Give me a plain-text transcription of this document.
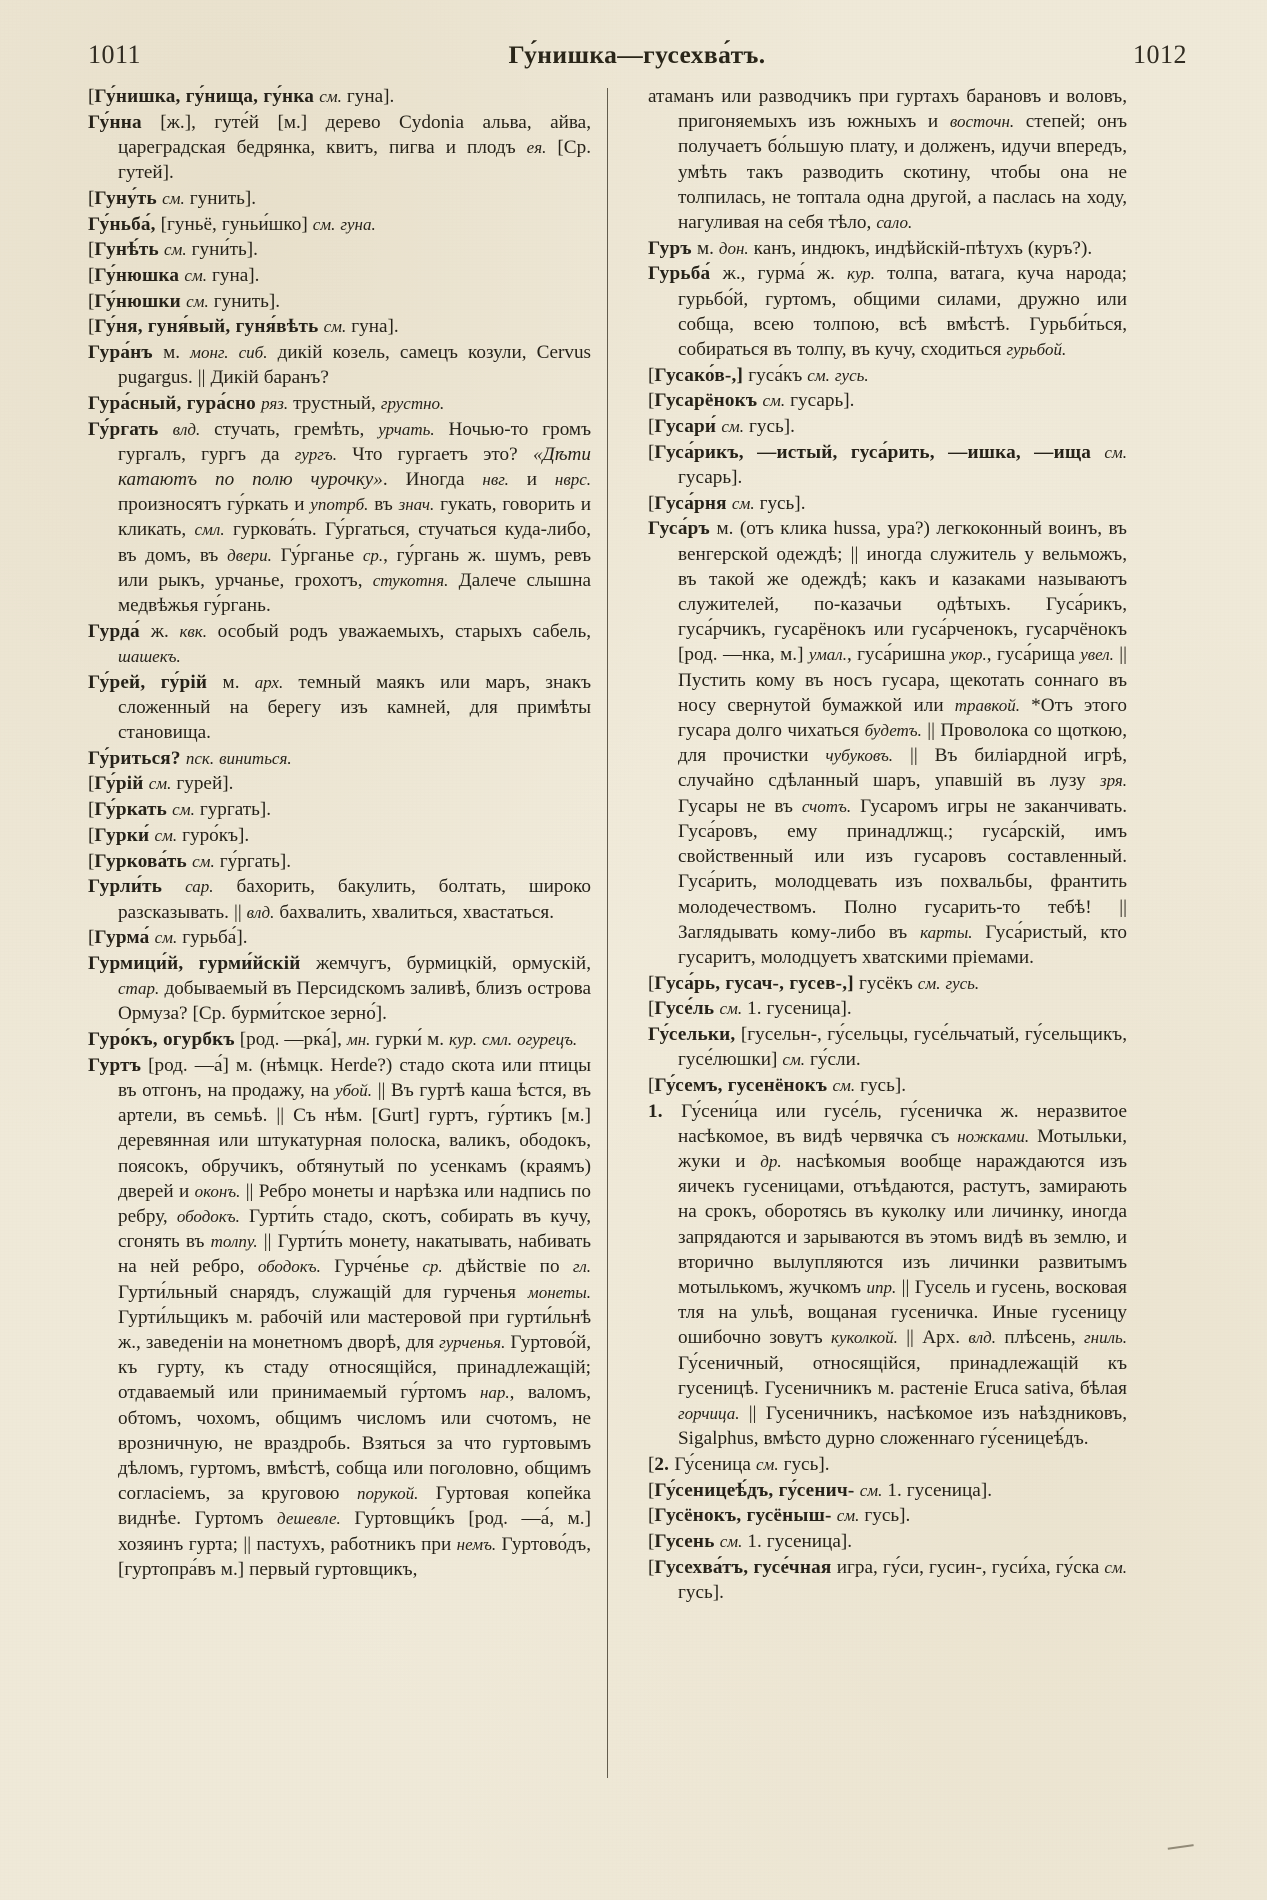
1011	Гу́нишка—гусехва́тъ.	1012

[Гу́нишка, гу́нища, гу́нка см. гуна].

Гу́нна [ж.], гуте́й [м.] дерево Cydonia альва, айва, цареградская бедрянка, квитъ, пигва и плодъ ея. [Ср. гутей].

[Гуну́ть см. гунить].

Гу́ньба́, [гуньё, гуньи́шко] см. гуна.

[Гунѣ́ть см. гуни́ть].

[Гу́нюшка см. гуна].

[Гу́нюшки см. гунить].

[Гу́ня, гуня́вый, гуня́вѣть см. гуна].

Гура́нъ м. монг. сиб. дикій козель, самецъ козули, Cervus pugargus. || Дикій баранъ?

Гура́сный, гура́сно ряз. трустный, грустно.

Гу́ргать влд. стучать, гремѣть, урчать. Ночью-то громъ гургалъ, гургъ да гургъ. Что гургаетъ это? «Дѣти катаютъ по полю чурочку». Иногда нвг. и нврс. произносятъ гу́ркать и употрб. въ знач. гукать, говорить и кликать, смл. гуркова́ть. Гу́ргаться, стучаться куда-либо, въ домъ, въ двери. Гу́рганье ср., гу́ргань ж. шумъ, ревъ или рыкъ, урчанье, грохотъ, стукотня. Далече слышна медвѣжья гу́ргань.

Гурда́ ж. квк. особый родъ уважаемыхъ, старыхъ сабель, шашекъ.

Гу́рей, гу́рій м. арх. темный маякъ или маръ, знакъ сложенный на берегу изъ камней, для примѣты становища.

Гу́риться? пск. виниться.

[Гу́рій см. гурей].

[Гу́ркать см. гургать].

[Гурки́ см. гуро́къ].

[Гуркова́ть см. гу́ргать].

Гурли́ть сар. бахорить, бакулить, болтать, широко разсказывать. || влд. бахвалить, хвалиться, хвастаться.

[Гурма́ см. гурьба́].

Гурмици́й, гурми́йскій жемчугъ, бурмицкій, ормускій, стар. добываемый въ Персидскомъ заливѣ, близъ острова Ормуза? [Ср. бурми́тское зерно́].

Гуро́къ, огурбкъ [род. —рка́], мн. гурки́ м. кур. смл. огурецъ.

Гуртъ [род. —а́] м. (нѣмцк. Herde?) стадо скота или птицы въ отгонъ, на продажу, на убой. || Въ гуртѣ каша ѣстся, въ артели, въ семьѣ. || Съ нѣм. [Gurt] гуртъ, гу́ртикъ [м.] деревянная или штукатурная полоска, валикъ, ободокъ, поясокъ, обручикъ, обтянутый по усенкамъ (краямъ) дверей и оконъ. || Ребро монеты и нарѣзка или надпись по ребру, ободокъ. Гурти́ть стадо, скотъ, собирать въ кучу, сгонять въ толпу. || Гурти́ть монету, накатывать, набивать на ней ребро, ободокъ. Гурче́нье ср. дѣйствіе по гл. Гурти́льный снарядъ, служащій для гурченья монеты. Гурти́льщикъ м. рабочій или мастеровой при гурти́льнѣ ж., заведеніи на монетномъ дворѣ, для гурченья. Гуртово́й, къ гурту, къ стаду относящійся, принадлежащій; отдаваемый или принимаемый гу́ртомъ нар., валомъ, обтомъ, чохомъ, общимъ числомъ или счотомъ, не врозничную, не враздробь. Взяться за что гуртовымъ дѣломъ, гуртомъ, вмѣстѣ, собща или поголовно, общимъ согласіемъ, за круговою порукой. Гуртовая копейка виднѣе. Гуртомъ дешевле. Гуртовщи́къ [род. —а́, м.] хозяинъ гурта; || пастухъ, работникъ при немъ. Гуртово́дъ, [гуртопра́въ м.] первый гуртовщикъ,

атаманъ или разводчикъ при гуртахъ барановъ и воловъ, пригоняемыхъ изъ южныхъ и восточн. степей; онъ получаетъ бо́льшую плату, и долженъ, идучи впередъ, умѣть такъ разводить скотину, чтобы она не толпилась, не топтала одна другой, а паслась на ходу, нагуливая на себя тѣло, сало.

Гуръ м. дон. канъ, индюкъ, индѣйскій-пѣтухъ (куръ?).

Гурьба́ ж., гурма́ ж. кур. толпа, ватага, куча народа; гурьбо́й, гуртомъ, общими силами, дружно или собща, всею толпою, всѣ вмѣстѣ. Гурьби́ться, собираться въ толпу, въ кучу, сходиться гурьбой.

[Гусако́в-,] гуса́къ см. гусь.

[Гусарёнокъ см. гусарь].

[Гусари́ см. гусь].

[Гуса́рикъ, —истый, гуса́рить, —ишка, —ища см. гусарь].

[Гуса́рня см. гусь].

Гуса́ръ м. (отъ клика hussa, ура?) легкоконный воинъ, въ венгерской одеждѣ; || иногда служитель у вельможъ, въ такой же одеждѣ; какъ и казаками называютъ служителей, по-казачьи одѣтыхъ. Гуса́рикъ, гуса́рчикъ, гусарёнокъ или гуса́рченокъ, гусарчёнокъ [род. —нка, м.] умал., гуса́ришна укор., гуса́рища увел. || Пустить кому въ носъ гусара, щекотать соннаго въ носу свернутой бумажкой или травкой. *Отъ этого гусара долго чихаться будетъ. || Проволока со щоткою, для прочистки чубуковъ. || Въ биліардной игрѣ, случайно сдѣланный шаръ, упавшій въ лузу зря. Гусары не въ счотъ. Гусаромъ игры не заканчивать. Гуса́ровъ, ему принадлжщ.; гуса́рскій, имъ свойственный или изъ гусаровъ составленный. Гуса́рить, молодцевать изъ похвальбы, франтить молодечествомъ. Полно гусарить-то тебѣ! || Заглядывать кому-либо въ карты. Гуса́ристый, кто гусаритъ, молодцуетъ хватскими пріемами.

[Гуса́рь, гусач-, гусев-,] гусёкъ см. гусь.

[Гусе́ль см. 1. гусеница].

Гу́сельки, [гусельн-, гу́сельцы, гусе́льчатый, гу́сельщикъ, гусе́люшки] см. гу́сли.

[Гу́семъ, гусенёнокъ см. гусь].

1. Гу́сени́ца или гусе́ль, гу́сеничка ж. неразвитое насѣкомое, въ видѣ червячка съ ножками. Мотыльки, жуки и др. насѣкомыя вообще нараждаются изъ яичекъ гусеницами, отъѣдаются, растутъ, замирають на срокъ, оборотясь въ куколку или личинку, иногда запрядаются и зарываются въ этомъ видѣ въ землю, и вторично вылупляются изъ личинки развитымъ мотылькомъ, жучкомъ ипр. || Гусель и гусень, восковая тля на ульѣ, вощаная гусеничка. Иные гусеницу ошибочно зовутъ куколкой. || Арх. влд. плѣсень, гниль. Гу́сеничный, относящійся, принадлежащій къ гусеницѣ. Гусеничникъ м. растеніе Eruca sativa, бѣлая горчица. || Гусеничникъ, насѣкомое изъ наѣздниковъ, Sigalphus, вмѣсто дурно сложеннаго гу́сеницеѣ́дъ.

[2. Гу́сеница см. гусь].

[Гу́сеницеѣ́дъ, гу́сенич- см. 1. гусеница].

[Гусёнокъ, гусёныш- см. гусь].

[Гусень см. 1. гусеница].

[Гусехва́тъ, гусе́чная игра, гу́си, гусин-, гуси́ха, гу́ска см. гусь].
